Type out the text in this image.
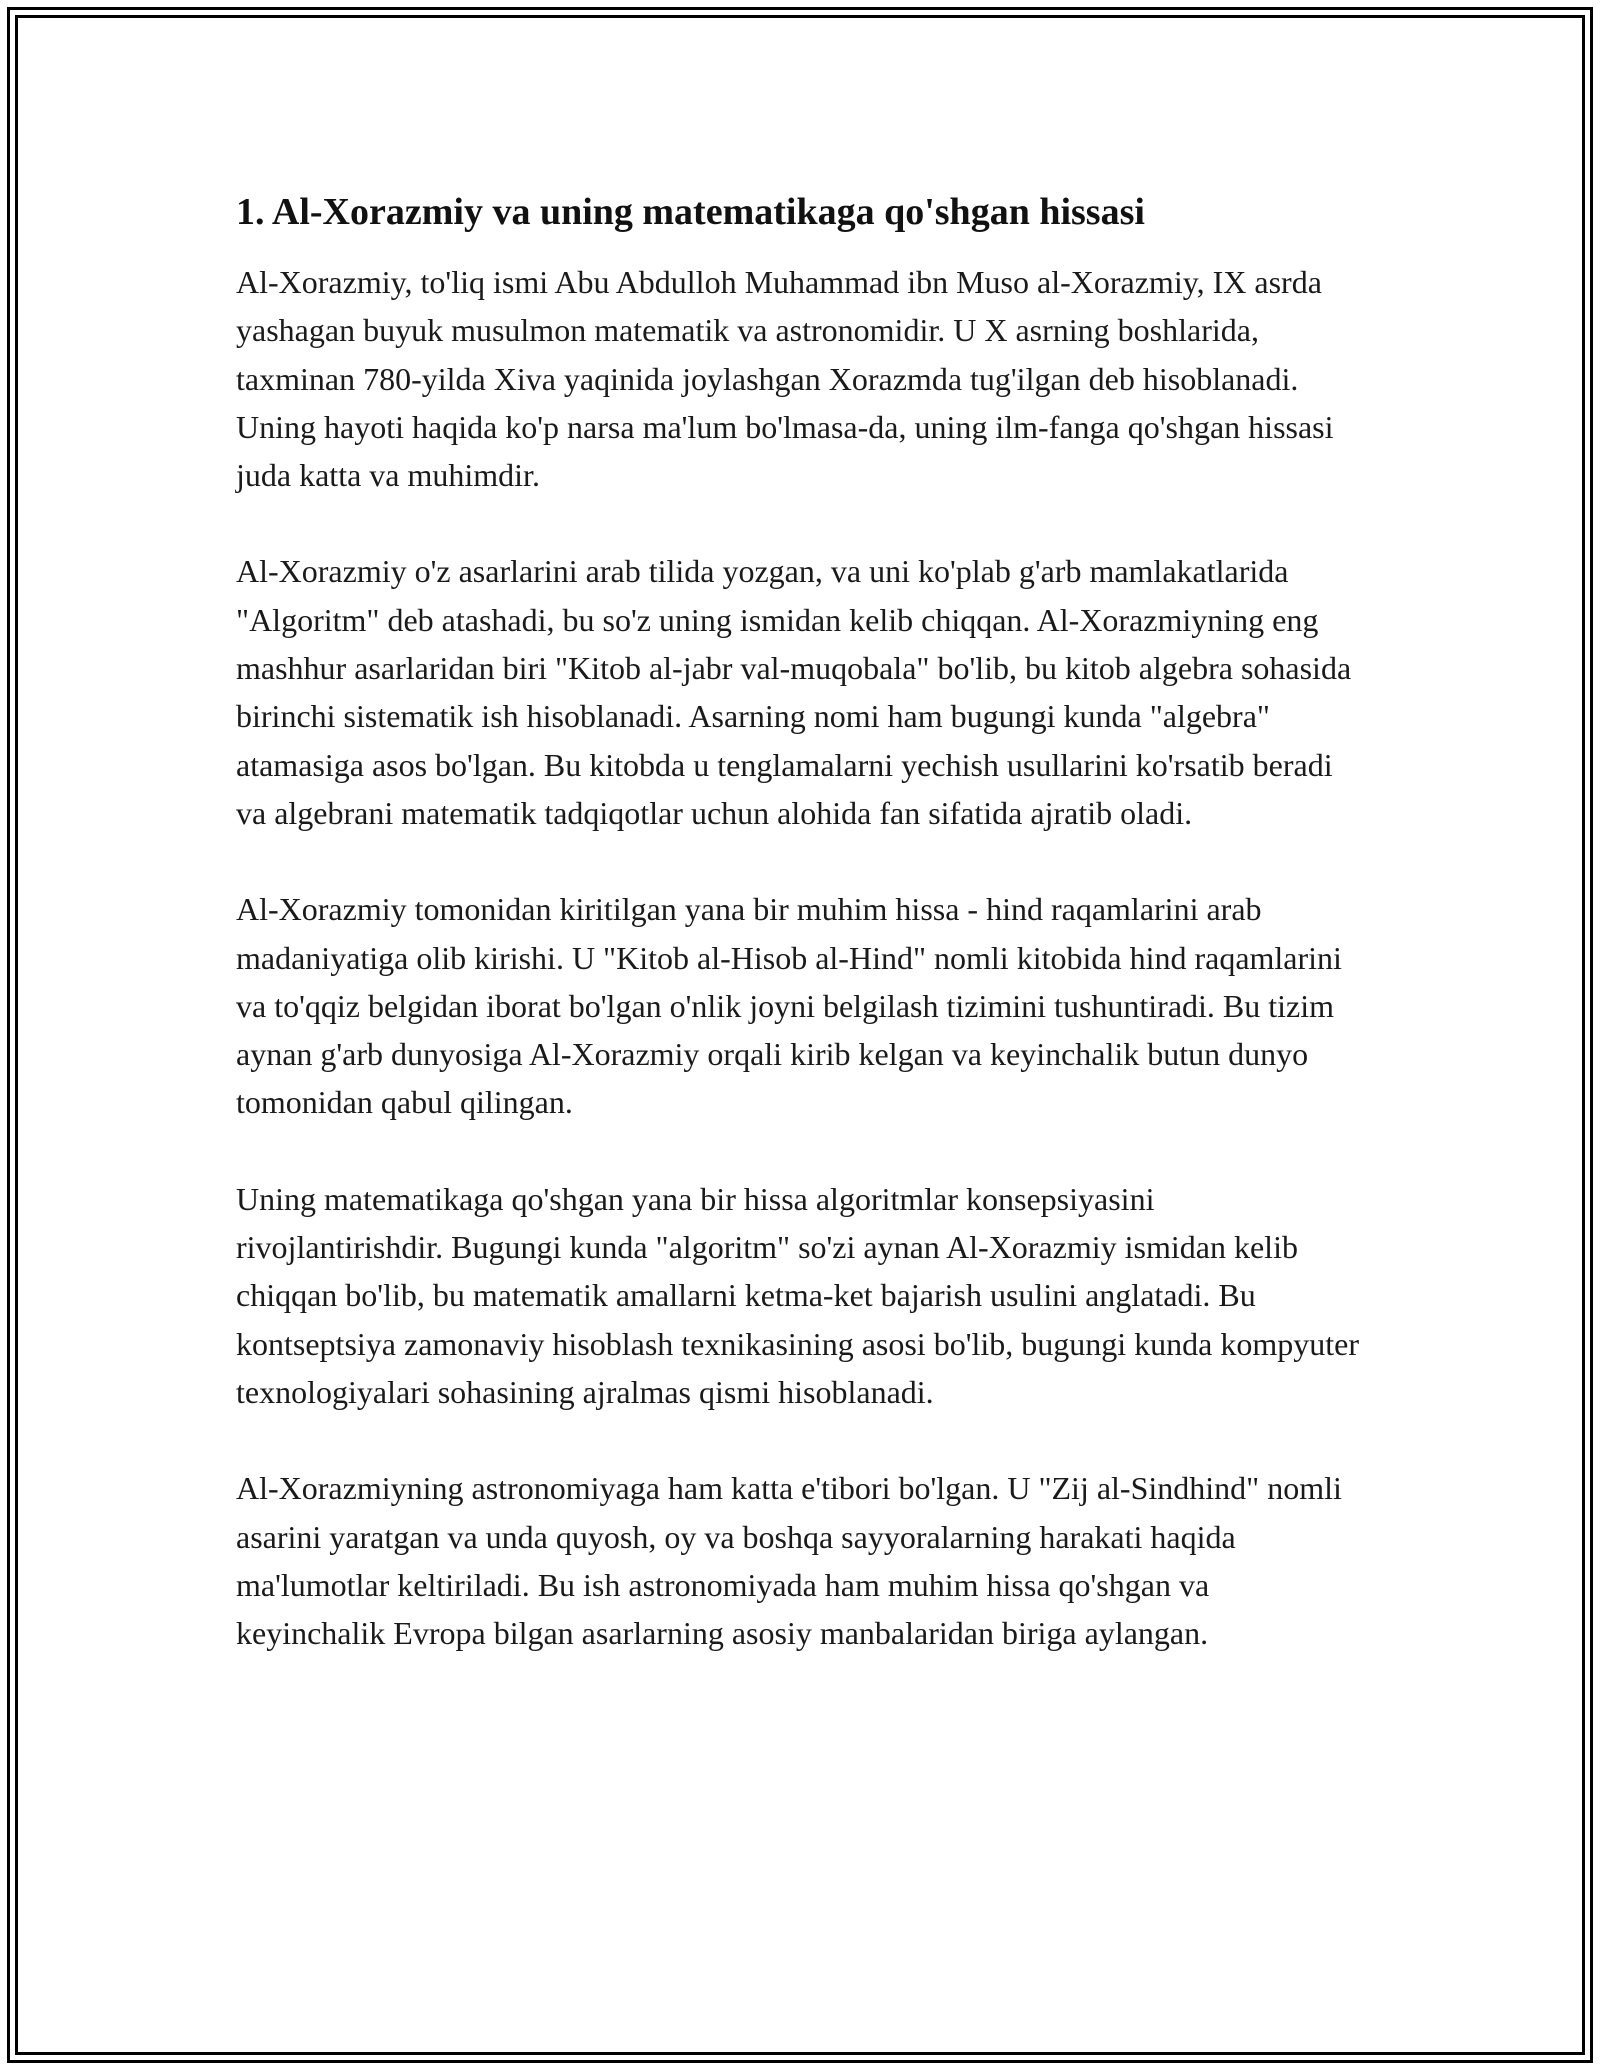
1. Al-Xorazmiy va uning matematikaga qo'shgan hissasi

Al-Xorazmiy, to'liq ismi Abu Abdulloh Muhammad ibn Muso al-Xorazmiy, IX asrda yashagan buyuk musulmon matematik va astronomidir. U X asrning boshlarida, taxminan 780-yilda Xiva yaqinida joylashgan Xorazmda tug'ilgan deb hisoblanadi. Uning hayoti haqida ko'p narsa ma'lum bo'lmasa-da, uning ilm-fanga qo'shgan hissasi juda katta va muhimdir.

Al-Xorazmiy o'z asarlarini arab tilida yozgan, va uni ko'plab g'arb mamlakatlarida "Algoritm" deb atashadi, bu so'z uning ismidan kelib chiqqan. Al-Xorazmiyning eng mashhur asarlaridan biri "Kitob al-jabr val-muqobala" bo'lib, bu kitob algebra sohasida birinchi sistematik ish hisoblanadi. Asarning nomi ham bugungi kunda "algebra" atamasiga asos bo'lgan. Bu kitobda u tenglamalarni yechish usullarini ko'rsatib beradi va algebrani matematik tadqiqotlar uchun alohida fan sifatida ajratib oladi.

Al-Xorazmiy tomonidan kiritilgan yana bir muhim hissa - hind raqamlarini arab madaniyatiga olib kirishi. U "Kitob al-Hisob al-Hind" nomli kitobida hind raqamlarini va to'qqiz belgidan iborat bo'lgan o'nlik joyni belgilash tizimini tushuntiradi. Bu tizim aynan g'arb dunyosiga Al-Xorazmiy orqali kirib kelgan va keyinchalik butun dunyo tomonidan qabul qilingan.

Uning matematikaga qo'shgan yana bir hissa algoritmlar konsepsiyasini rivojlantirishdir. Bugungi kunda "algoritm" so'zi aynan Al-Xorazmiy ismidan kelib chiqqan bo'lib, bu matematik amallarni ketma-ket bajarish usulini anglatadi. Bu kontseptsiya zamonaviy hisoblash texnikasining asosi bo'lib, bugungi kunda kompyuter texnologiyalari sohasining ajralmas qismi hisoblanadi.

Al-Xorazmiyning astronomiyaga ham katta e'tibori bo'lgan. U "Zij al-Sindhind" nomli asarini yaratgan va unda quyosh, oy va boshqa sayyoralarning harakati haqida ma'lumotlar keltiriladi. Bu ish astronomiyada ham muhim hissa qo'shgan va keyinchalik Evropa bilgan asarlarning asosiy manbalaridan biriga aylangan.
